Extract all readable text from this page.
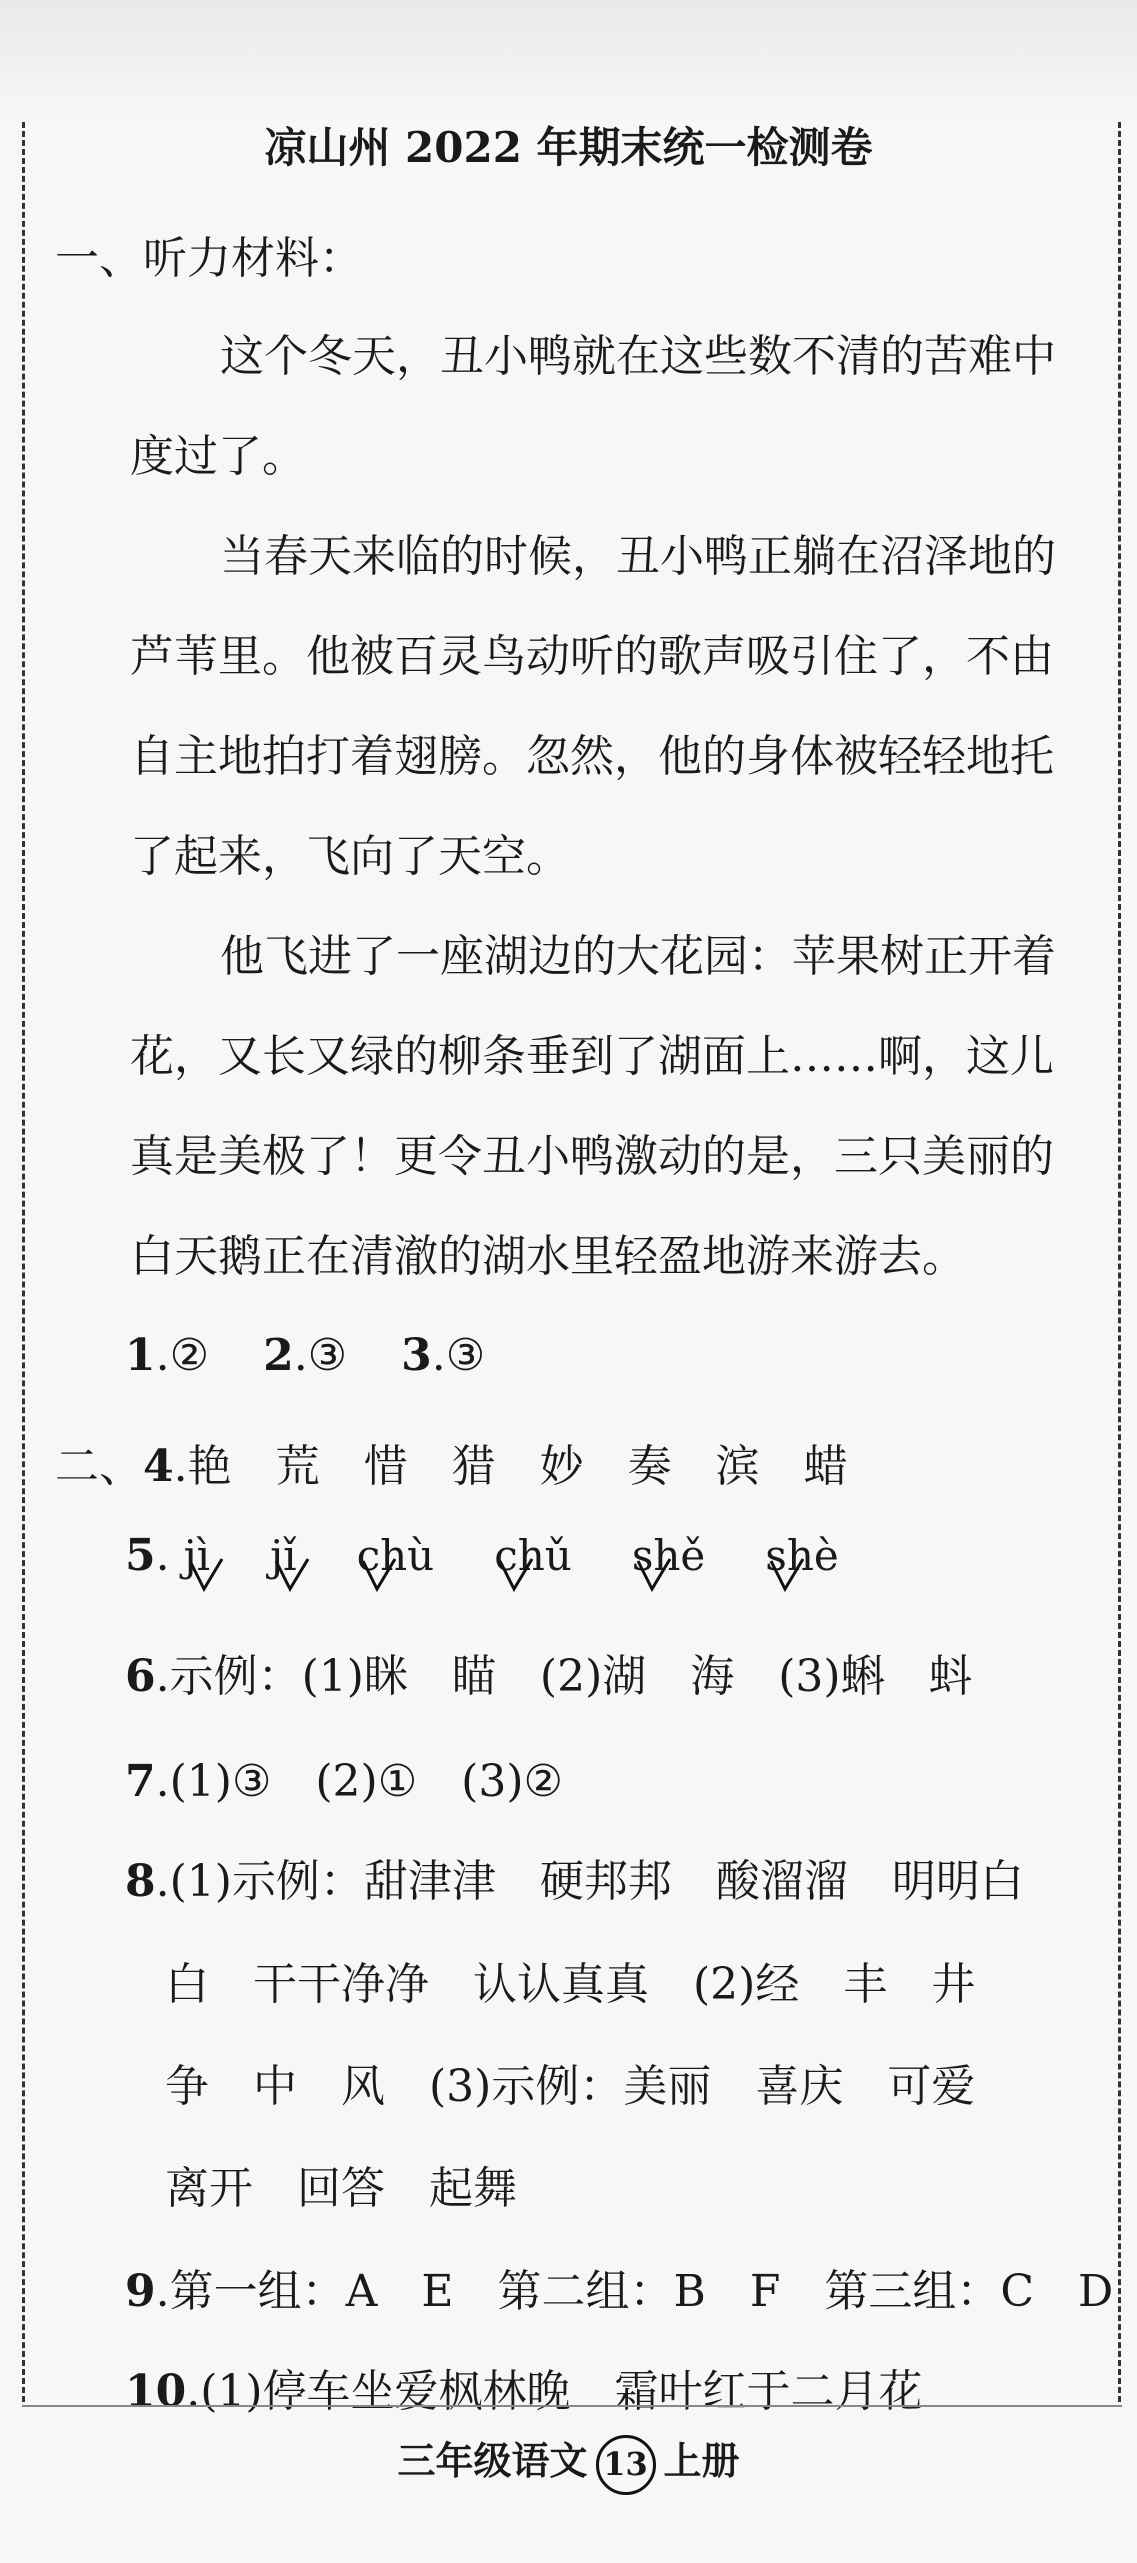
凉山州 2022 年期末统一检测卷
一、听力材料：
这个冬天，丑小鸭就在这些数不清的苦难中
度过了。
当春天来临的时候，丑小鸭正躺在沼泽地的
芦苇里。他被百灵鸟动听的歌声吸引住了，不由
自主地拍打着翅膀。忽然，他的身体被轻轻地托
了起来，飞向了天空。
他飞进了一座湖边的大花园：苹果树正开着
花，又长又绿的柳条垂到了湖面上……啊，这儿
真是美极了！更令丑小鸭激动的是，三只美丽的
白天鹅正在清澈的湖水里轻盈地游来游去。
1.② 2.③ 3.③
二、4.艳　荒　惜　猎　妙　奏　滨　蜡
5. jì jǐ chù chǔ shě shè
6.示例：(1)眯　瞄　(2)湖　海　(3)蝌　蚪
7.(1)③　(2)①　(3)②
8.(1)示例：甜津津　硬邦邦　酸溜溜　明明白
白　干干净净　认认真真　(2)经　丰　井
争　中　风　(3)示例：美丽　喜庆　可爱
离开　回答　起舞
9.第一组：A　E　第二组：B　F　第三组：C　D
10.(1)停车坐爱枫林晚　霜叶红于二月花
三年级语文 13 上册
